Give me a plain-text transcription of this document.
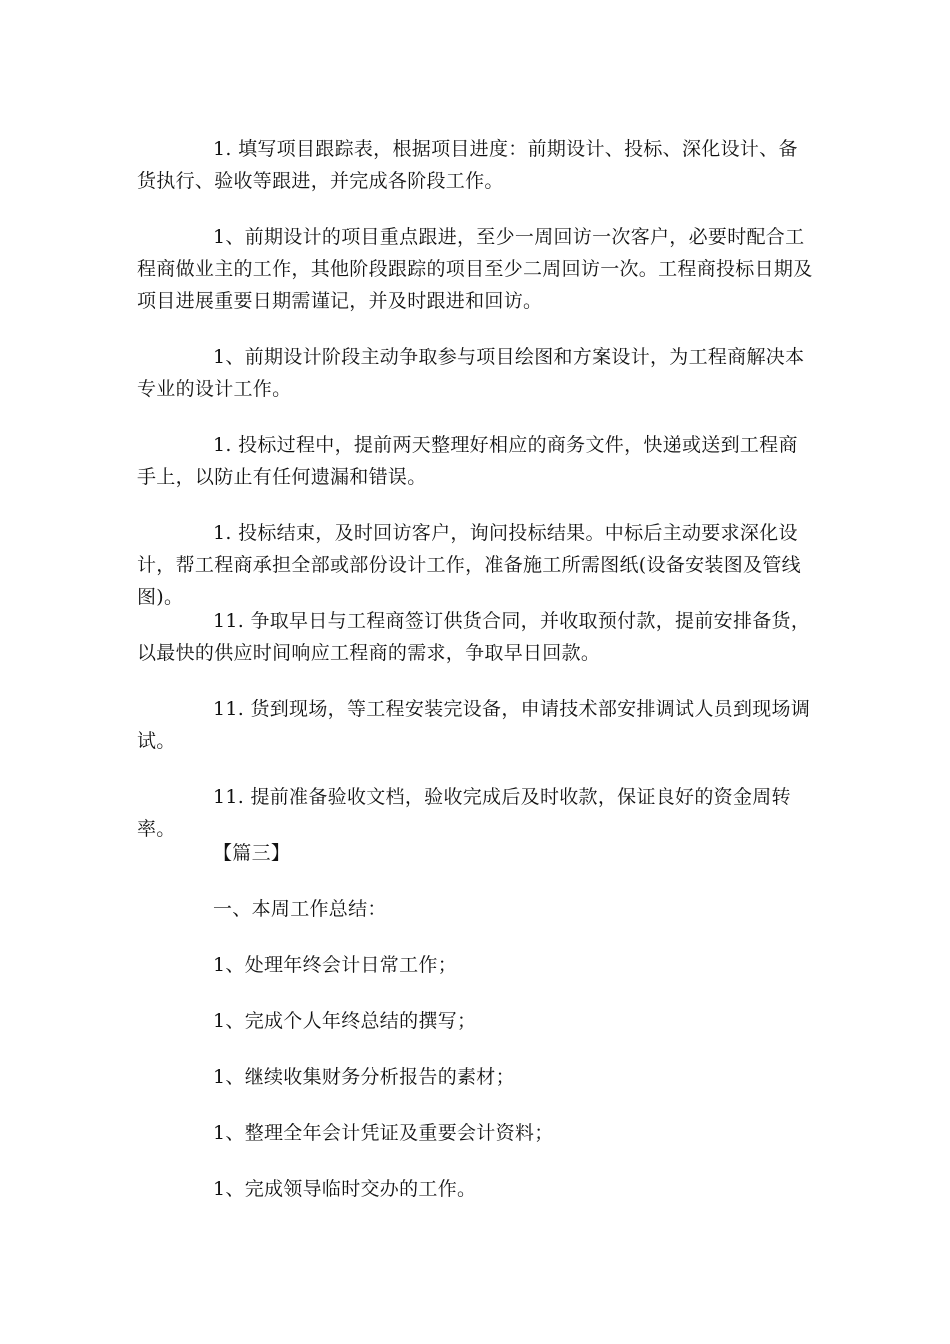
1. 填写项目跟踪表，根据项目进度：前期设计、投标、深化设计、备货执行、验收等跟进，并完成各阶段工作。

1、前期设计的项目重点跟进，至少一周回访一次客户，必要时配合工程商做业主的工作，其他阶段跟踪的项目至少二周回访一次。工程商投标日期及项目进展重要日期需谨记，并及时跟进和回访。

1、前期设计阶段主动争取参与项目绘图和方案设计，为工程商解决本专业的设计工作。

1. 投标过程中，提前两天整理好相应的商务文件，快递或送到工程商手上，以防止有任何遗漏和错误。

1. 投标结束，及时回访客户，询问投标结果。中标后主动要求深化设计，帮工程商承担全部或部份设计工作，准备施工所需图纸(设备安装图及管线图)。

11. 争取早日与工程商签订供货合同，并收取预付款，提前安排备货，以最快的供应时间响应工程商的需求，争取早日回款。

11. 货到现场，等工程安装完设备，申请技术部安排调试人员到现场调试。

11. 提前准备验收文档，验收完成后及时收款，保证良好的资金周转率。

【篇三】

一、本周工作总结：

1、处理年终会计日常工作；

1、完成个人年终总结的撰写；

1、继续收集财务分析报告的素材；

1、整理全年会计凭证及重要会计资料；

1、完成领导临时交办的工作。
